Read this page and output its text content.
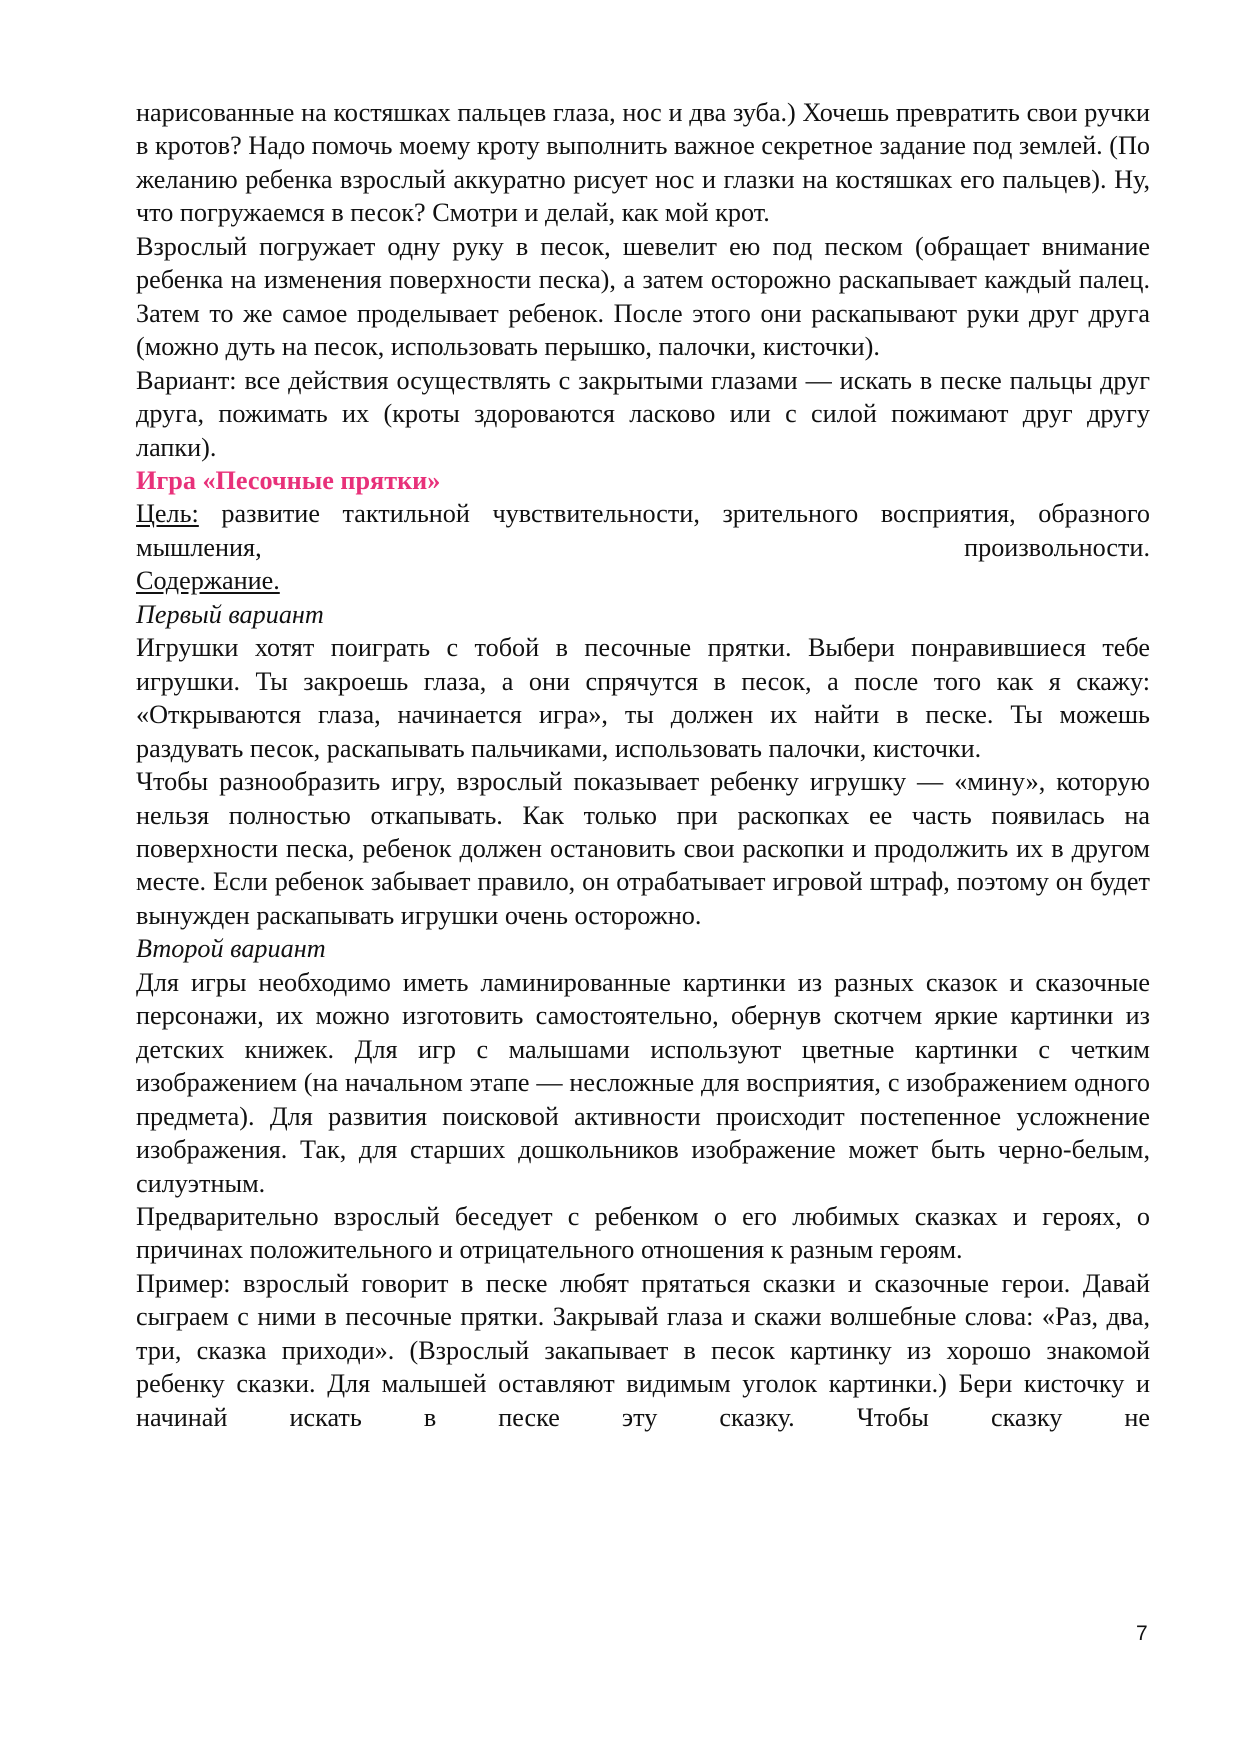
нарисованные на костяшках пальцев глаза, нос и два зуба.) Хочешь превратить свои ручки в кротов? Надо помочь моему кроту выполнить важное секретное задание под землей. (По желанию ребенка взрослый аккуратно рисует нос и глазки на костяшках его пальцев). Ну, что погружаемся в песок? Смотри и делай, как мой крот.

Взрослый погружает одну руку в песок, шевелит ею под песком (обращает внимание ребенка на изменения поверхности песка), а затем осторожно раскапывает каждый палец. Затем то же самое проделывает ребенок. После этого они раскапывают руки друг друга (можно дуть на песок, использовать перышко, палочки, кисточки).

Вариант: все действия осуществлять с закрытыми глазами — искать в песке пальцы друг друга, пожимать их (кроты здороваются ласково или с силой пожимают друг другу лапки).

Игра «Песочные прятки»

Цель: развитие тактильной чувствительности, зрительного восприятия, образного мышления, произвольности.

Содержание.

Первый вариант

Игрушки хотят поиграть с тобой в песочные прятки. Выбери понравившиеся тебе игрушки. Ты закроешь глаза, а они спрячутся в песок, а после того как я скажу: «Открываются глаза, начинается игра», ты должен их найти в песке. Ты можешь раздувать песок, раскапывать пальчиками, использовать палочки, кисточки.

Чтобы разнообразить игру, взрослый показывает ребенку игрушку — «мину», которую нельзя полностью откапывать. Как только при раскопках ее часть появилась на поверхности песка, ребенок должен остановить свои раскопки и продолжить их в другом месте. Если ребенок забывает правило, он отрабатывает игровой штраф, поэтому он будет вынужден раскапывать игрушки очень осторожно.

Второй вариант

Для игры необходимо иметь ламинированные картинки из разных сказок и сказочные персонажи, их можно изготовить самостоятельно, обернув скотчем яркие картинки из детских книжек. Для игр с малышами используют цветные картинки с четким изображением (на начальном этапе — несложные для восприятия, с изображением одного предмета). Для развития поисковой активности происходит постепенное усложнение изображения. Так, для старших дошкольников изображение может быть черно-белым, силуэтным.

Предварительно взрослый беседует с ребенком о его любимых сказках и героях, о причинах положительного и отрицательного отношения к разным героям.

Пример: взрослый говорит в песке любят прятаться сказки и сказочные герои. Давай сыграем с ними в песочные прятки. Закрывай глаза и скажи волшебные слова: «Раз, два, три, сказка приходи». (Взрослый закапывает в песок картинку из хорошо знакомой ребенку сказки. Для малышей оставляют видимым уголок картинки.) Бери кисточку и начинай искать в песке эту сказку. Чтобы сказку не

7
